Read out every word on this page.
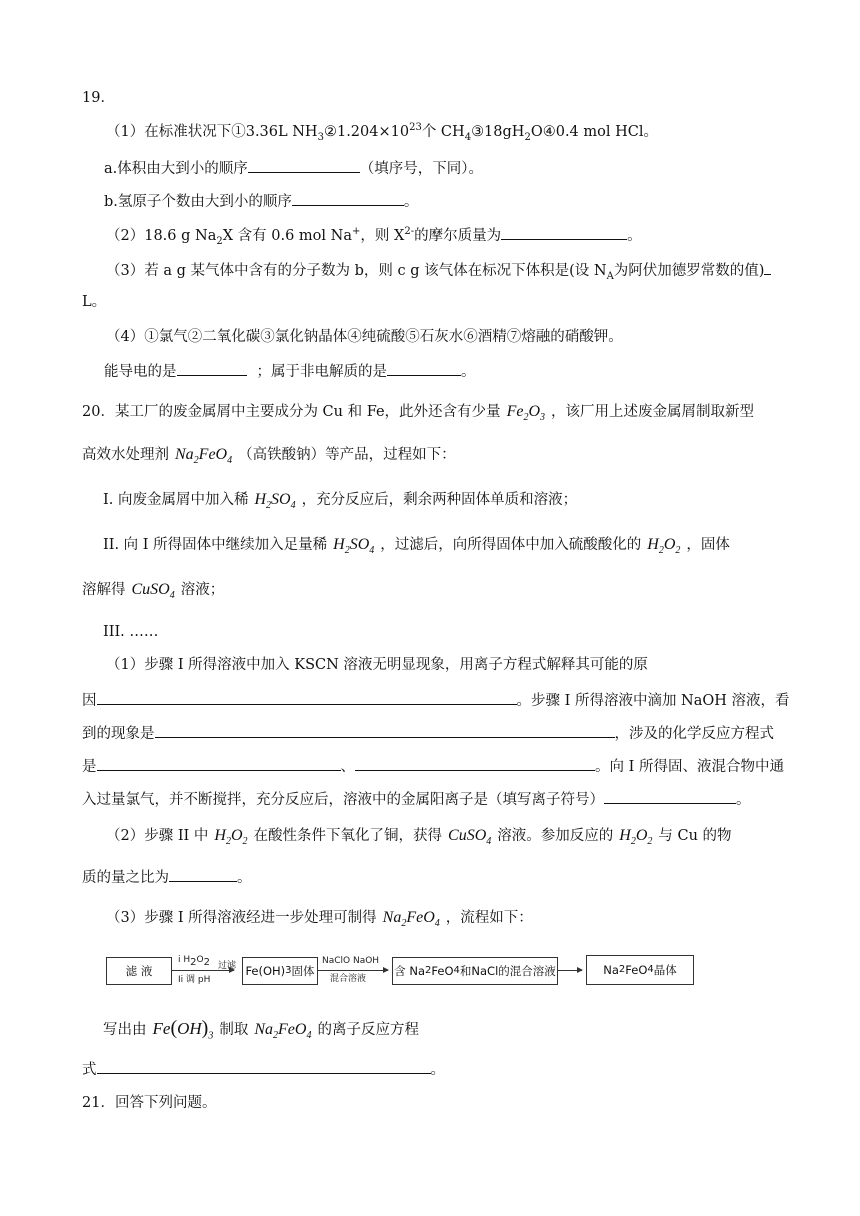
19．
（1）在标准状况下①3.36L $NH_3②1.204\times 10^{23}$个 $CH_4③18gH_2O④0.4$ mol HCl。
a.体积由大到小的顺序	（填序号，下同）。
b.氢原子个数由大到小的顺序	。
（2）18.6 g $Na_2X$ 含有 0.6 mol Na+，则 $X^{2-}$的摩尔质量为	。
（3）若 a g 某气体中含有的分子数为 b，则 c g 该气体在标况下体积是(设 $N_A$为阿伏加德罗常数的值)
L。
（4）①氯气②二氧化碳③氯化钠晶体④纯硫酸⑤石灰水⑥酒精⑦熔融的硝酸钾。
能导电的是	；属于非电解质的是	。
20．某工厂的废金属屑中主要成分为 Cu 和 Fe，此外还含有少量 $Fe_2O_3$ ，该厂用上述废金属屑制取新型
高效水处理剂 $Na_2FeO_4$ （高铁酸钠）等产品，过程如下：
I. 向废金属屑中加入稀 $H_2SO_4$ ，充分反应后，剩余两种固体单质和溶液；
II. 向 I 所得固体中继续加入足量稀 $H_2SO_4$ ，过滤后，向所得固体中加入硫酸酸化的 $H_2O_2$ ，固体
溶解得 CuSO$_4$ 溶液；
III. ……
（1）步骤 I 所得溶液中加入 KSCN 溶液无明显现象，用离子方程式解释其可能的原
因	。步骤 I 所得溶液中滴加 NaOH 溶液，看
到的现象是	，涉及的化学反应方程式
是	、	。向 I 所得固、液混合物中通
入过量氯气，并不断搅拌，充分反应后，溶液中的金属阳离子是（填写离子符号）	。
（2）步骤 II 中 $H_2O_2$ 在酸性条件下氧化了铜，获得 CuSO$_4$ 溶液。参加反应的 $H_2O_2$ 与 Cu 的物
质的量之比为	。
（3）步骤 I 所得溶液经进一步处理可制得 $Na_2FeO_4$ ，流程如下：
滤 液
i $H_2O_2$
Ii 调 pH
Fe(OH) 3 固体
过滤	NaClO NaOH
混合溶液
含 Na 2 FeO 4 和NaCl的混合溶液	Na 2 FeO 4 晶体
写出由 $Fe(OH)_3$ 制取 $Na_2FeO_4$ 的离子反应方程
式	。
21．回答下列问题。
